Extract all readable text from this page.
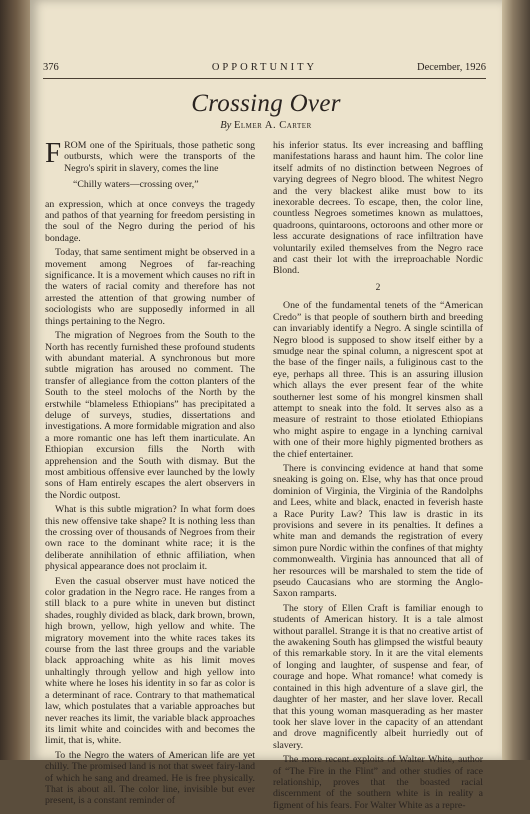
376	OPPORTUNITY	December, 1926
Crossing Over
By Elmer A. Carter

FROM one of the Spirituals, those pathetic song outbursts, which were the transports of the Negro's spirit in slavery, comes the line

“Chilly waters—crossing over,”

an expression, which at once conveys the tragedy and pathos of that yearning for freedom persisting in the soul of the Negro during the period of his bondage.

Today, that same sentiment might be observed in a movement among Negroes of far-reaching significance. It is a movement which causes no rift in the waters of racial comity and therefore has not arrested the attention of that growing number of sociologists who are supposedly informed in all things pertaining to the Negro.

The migration of Negroes from the South to the North has recently furnished these profound students with abundant material. A synchronous but more subtle migration has aroused no comment. The transfer of allegiance from the cotton planters of the South to the steel molochs of the North by the erstwhile “blameless Ethiopians” has precipitated a deluge of surveys, studies, dissertations and investigations. A more formidable migration and also a more romantic one has left them inarticulate. An Ethiopian excursion fills the North with apprehension and the South with dismay. But the most ambitious offensive ever launched by the lowly sons of Ham entirely escapes the alert observers in the Nordic outpost.

What is this subtle migration? In what form does this new offensive take shape? It is nothing less than the crossing over of thousands of Negroes from their own race to the dominant white race; it is the deliberate annihilation of ethnic affiliation, when physical appearance does not proclaim it.

Even the casual observer must have noticed the color gradation in the Negro race. He ranges from a still black to a pure white in uneven but distinct shades, roughly divided as black, dark brown, brown, high brown, yellow, high yellow and white. The migratory movement into the white races takes its course from the last three groups and the variable black approaching white as his limit moves unhaltingly through yellow and high yellow into white where he loses his identity in so far as color is a determinant of race. Contrary to that mathematical law, which postulates that a variable approaches but never reaches its limit, the variable black approaches its limit white and coincides with and becomes the limit, that is, white.

To the Negro the waters of American life are yet chilly. The promised land is not that sweet fairy-land of which he sang and dreamed. He is free physically. That is about all. The color line, invisible but ever present, is a constant reminder of

his inferior status. Its ever increasing and baffling manifestations harass and haunt him. The color line itself admits of no distinction between Negroes of varying degrees of Negro blood. The whitest Negro and the very blackest alike must bow to its inexorable decrees. To escape, then, the color line, countless Negroes sometimes known as mulattoes, quadroons, quintaroons, octoroons and other more or less accurate designations of race infiltration have voluntarily exiled themselves from the Negro race and cast their lot with the irreproachable Nordic Blond.

2

One of the fundamental tenets of the “American Credo” is that people of southern birth and breeding can invariably identify a Negro. A single scintilla of Negro blood is supposed to show itself either by a smudge near the spinal column, a nigrescent spot at the base of the finger nails, a fuliginous cast to the eye, perhaps all three. This is an assuring illusion which allays the ever present fear of the white southerner lest some of his mongrel kinsmen shall attempt to sneak into the fold. It serves also as a measure of restraint to those etiolated Ethiopians who might aspire to engage in a lynching carnival with one of their more highly pigmented brothers as the chief entertainer.

There is convincing evidence at hand that some sneaking is going on. Else, why has that once proud dominion of Virginia, the Virginia of the Randolphs and Lees, white and black, enacted in feverish haste a Race Purity Law? This law is drastic in its provisions and severe in its penalties. It defines a white man and demands the registration of every simon pure Nordic within the confines of that mighty commonwealth. Virginia has announced that all of her resources will be marshaled to stem the tide of pseudo Caucasians who are storming the Anglo-Saxon ramparts.

The story of Ellen Craft is familiar enough to students of American history. It is a tale almost without parallel. Strange it is that no creative artist of the awakening South has glimpsed the wistful beauty of this remarkable story. In it are the vital elements of longing and laughter, of suspense and fear, of courage and hope. What romance! what comedy is contained in this high adventure of a slave girl, the daughter of her master, and her slave lover. Recall that this young woman masquerading as her master took her slave lover in the capacity of an attendant and drove magnificently albeit hurriedly out of slavery.

The more recent exploits of Walter White, author of “The Fire in the Flint” and other studies of race relationship, proves that the boasted racial discernment of the southern white is in reality a figment of his fears. For Walter White as a repre-
